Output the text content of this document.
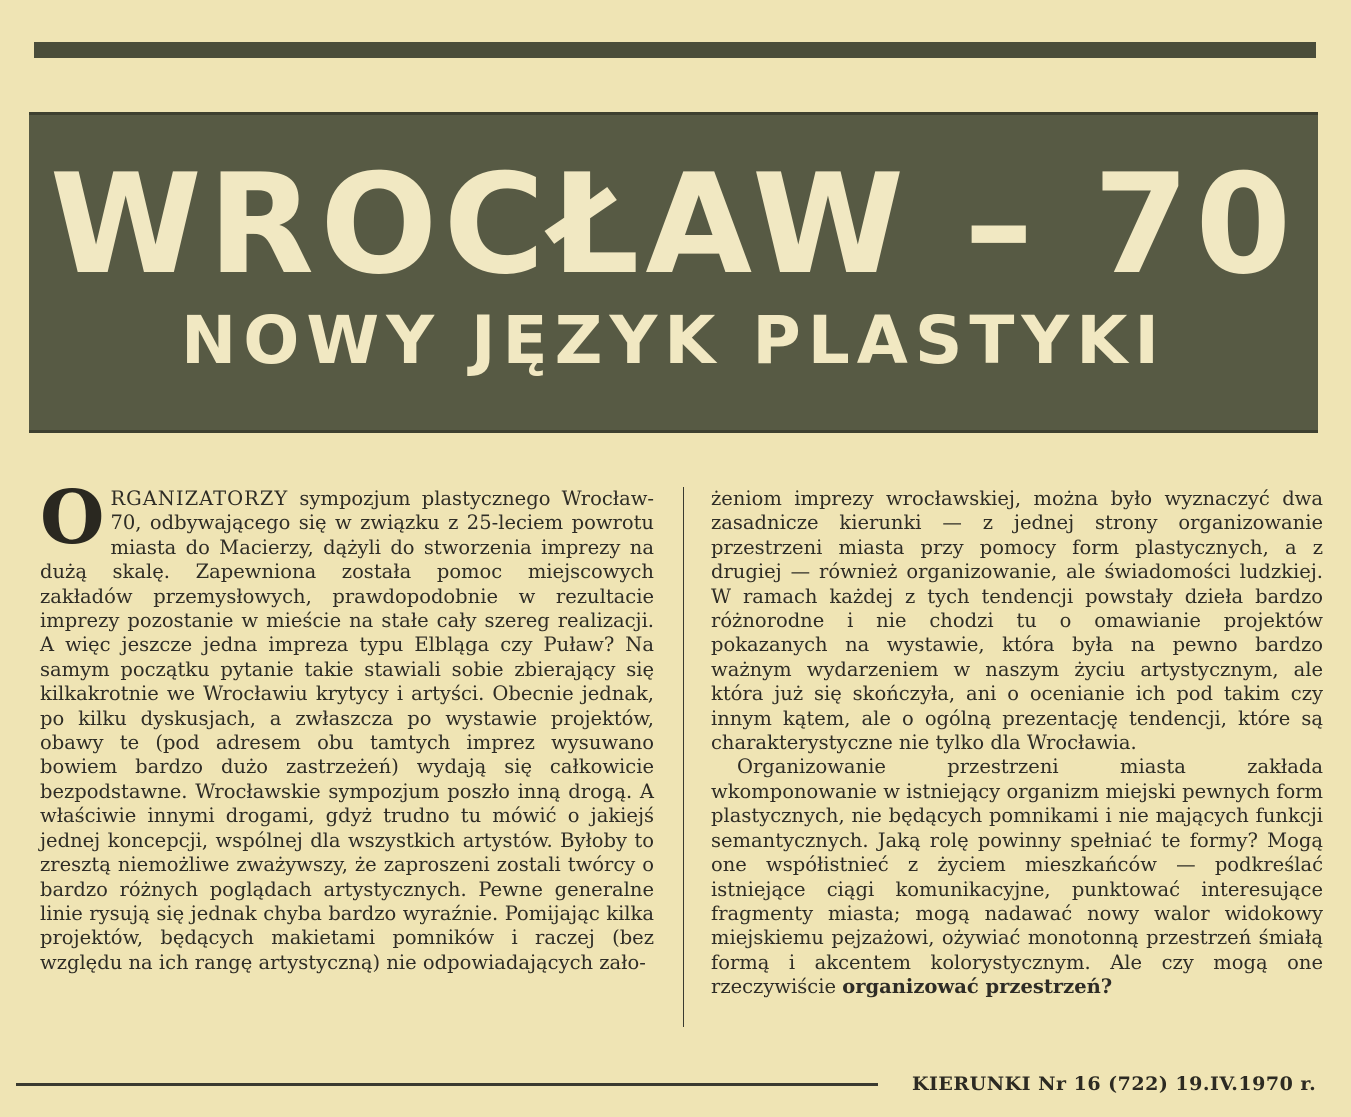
WROCŁAW – 70
NOWY JĘZYK PLASTYKI

ORGANIZATORZY sympozjum plastycznego Wrocław-70, odbywającego się w związku z 25-leciem powrotu miasta do Macierzy, dążyli do stworzenia imprezy na dużą skalę. Zapewniona została pomoc miejscowych zakładów przemysłowych, prawdopodobnie w rezultacie imprezy pozostanie w mieście na stałe cały szereg realizacji. A więc jeszcze jedna impreza typu Elbląga czy Puław? Na samym początku pytanie takie stawiali sobie zbierający się kilkakrotnie we Wrocławiu krytycy i artyści. Obecnie jednak, po kilku dyskusjach, a zwłaszcza po wystawie projektów, obawy te (pod adresem obu tamtych imprez wysuwano bowiem bardzo dużo zastrzeżeń) wydają się całkowicie bezpodstawne. Wrocławskie sympozjum poszło inną drogą. A właściwie innymi drogami, gdyż trudno tu mówić o jakiejś jednej koncepcji, wspólnej dla wszystkich artystów. Byłoby to zresztą niemożliwe zważywszy, że zaproszeni zostali twórcy o bardzo różnych poglądach artystycznych. Pewne generalne linie rysują się jednak chyba bardzo wyraźnie. Pomijając kilka projektów, będących makietami pomników i raczej (bez względu na ich rangę artystyczną) nie odpowiadających zało-

żeniom imprezy wrocławskiej, można było wyznaczyć dwa zasadnicze kierunki — z jednej strony organizowanie przestrzeni miasta przy pomocy form plastycznych, a z drugiej — również organizowanie, ale świadomości ludzkiej. W ramach każdej z tych tendencji powstały dzieła bardzo różnorodne i nie chodzi tu o omawianie projektów pokazanych na wystawie, która była na pewno bardzo ważnym wydarzeniem w naszym życiu artystycznym, ale która już się skończyła, ani o ocenianie ich pod takim czy innym kątem, ale o ogólną prezentację tendencji, które są charakterystyczne nie tylko dla Wrocławia.

Organizowanie przestrzeni miasta zakłada wkomponowanie w istniejący organizm miejski pewnych form plastycznych, nie będących pomnikami i nie mających funkcji semantycznych. Jaką rolę powinny spełniać te formy? Mogą one współistnieć z życiem mieszkańców — podkreślać istniejące ciągi komunikacyjne, punktować interesujące fragmenty miasta; mogą nadawać nowy walor widokowy miejskiemu pejzażowi, ożywiać monotonną przestrzeń śmiałą formą i akcentem kolorystycznym. Ale czy mogą one rzeczywiście organizować przestrzeń?

KIERUNKI Nr 16 (722) 19.IV.1970 r.
